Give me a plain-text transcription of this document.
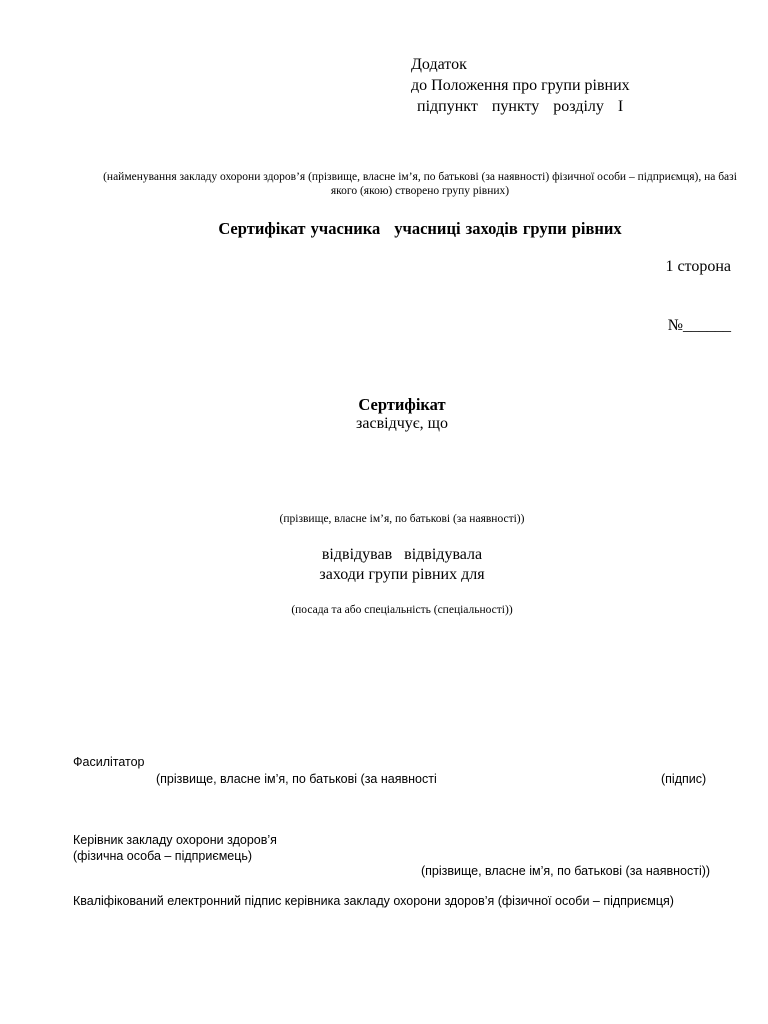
Додаток
до Положення про групи рівних
підпункт пункту розділу І
(найменування закладу охорони здоров’я (прізвище, власне ім’я, по батькові (за наявності) фізичної особи – підприємця), на базі якого (якою) створено групу рівних)
Сертифікат учасника учасниці заходів групи рівних
1 сторона
№______
Сертифікат
засвідчує, що
(прізвище, власне ім’я, по батькові (за наявності))
відвідував відвідувала
заходи групи рівних для
(посада та або спеціальність (спеціальності))
Фасилітатор
(прізвище, власне ім’я, по батькові (за наявності	(підпис)
Керівник закладу охорони здоров’я
(фізична особа – підприємець)
(прізвище, власне ім’я, по батькові (за наявності))
Кваліфікований електронний підпис керівника закладу охорони здоров’я (фізичної особи – підприємця)
